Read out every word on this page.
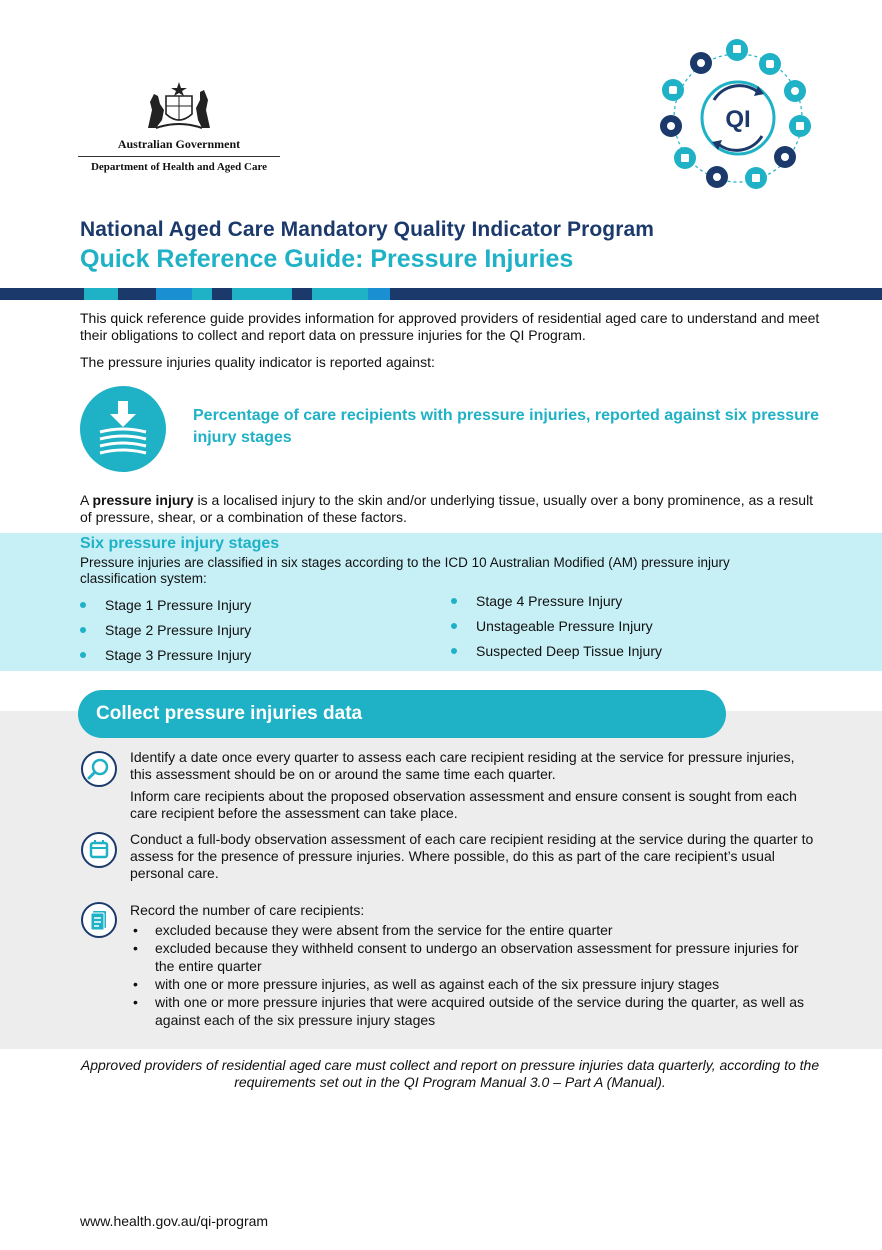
Australian Government
Department of Health and Aged Care
QI
National Aged Care Mandatory Quality Indicator Program
Quick Reference Guide: Pressure Injuries
This quick reference guide provides information for approved providers of residential aged care to understand and meet their obligations to collect and report data on pressure injuries for the QI Program.
The pressure injuries quality indicator is reported against:
Percentage of care recipients with pressure injuries, reported against six pressure injury stages
A pressure injury is a localised injury to the skin and/or underlying tissue, usually over a bony prominence, as a result of pressure, shear, or a combination of these factors.
Six pressure injury stages
Pressure injuries are classified in six stages according to the ICD 10 Australian Modified (AM) pressure injury classification system:
Stage 1 Pressure Injury
Stage 2 Pressure Injury
Stage 3 Pressure Injury
Stage 4 Pressure Injury
Unstageable Pressure Injury
Suspected Deep Tissue Injury
Collect pressure injuries data
Identify a date once every quarter to assess each care recipient residing at the service for pressure injuries, this assessment should be on or around the same time each quarter.
Inform care recipients about the proposed observation assessment and ensure consent is sought from each care recipient before the assessment can take place.
Conduct a full-body observation assessment of each care recipient residing at the service during the quarter to assess for the presence of pressure injuries. Where possible, do this as part of the care recipient’s usual personal care.
Record the number of care recipients:
• excluded because they were absent from the service for the entire quarter
• excluded because they withheld consent to undergo an observation assessment for pressure injuries for the entire quarter
• with one or more pressure injuries, as well as against each of the six pressure injury stages
• with one or more pressure injuries that were acquired outside of the service during the quarter, as well as against each of the six pressure injury stages
Approved providers of residential aged care must collect and report on pressure injuries data quarterly, according to the requirements set out in the QI Program Manual 3.0 – Part A (Manual).
www.health.gov.au/qi-program
